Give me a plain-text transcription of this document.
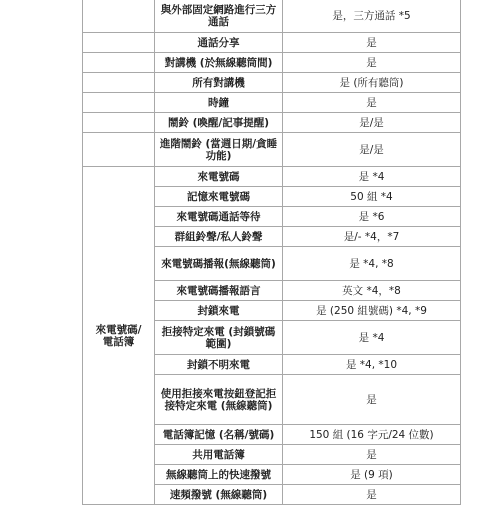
	與外部固定網路進行三方通話	是，三方通話 *5
	通話分享	是
	對講機 (於無線聽筒間)	是
	所有對講機	是 (所有聽筒)
	時鐘	是
	鬧鈴 (喚醒/記事提醒)	是/是
	進階鬧鈴 (當週日期/貪睡功能)	是/是
來電號碼/
電話簿	來電號碼	是 *4
	記憶來電號碼	50 組 *4
	來電號碼通話等待	是 *6
	群組鈴聲/私人鈴聲	是/- *4，*7
	來電號碼播報(無線聽筒)	是 *4, *8
	來電號碼播報語言	英文 *4，*8
	封鎖來電	是 (250 組號碼) *4, *9
	拒接特定來電 (封鎖號碼範圍)	是 *4
	封鎖不明來電	是 *4, *10
	使用拒接來電按鈕登記拒接特定來電 (無線聽筒)	是
	電話簿記憶 (名稱/號碼)	150 組 (16 字元/24 位數)
	共用電話簿	是
	無線聽筒上的快速撥號	是 (9 項)
	速頻撥號 (無線聽筒)	是
